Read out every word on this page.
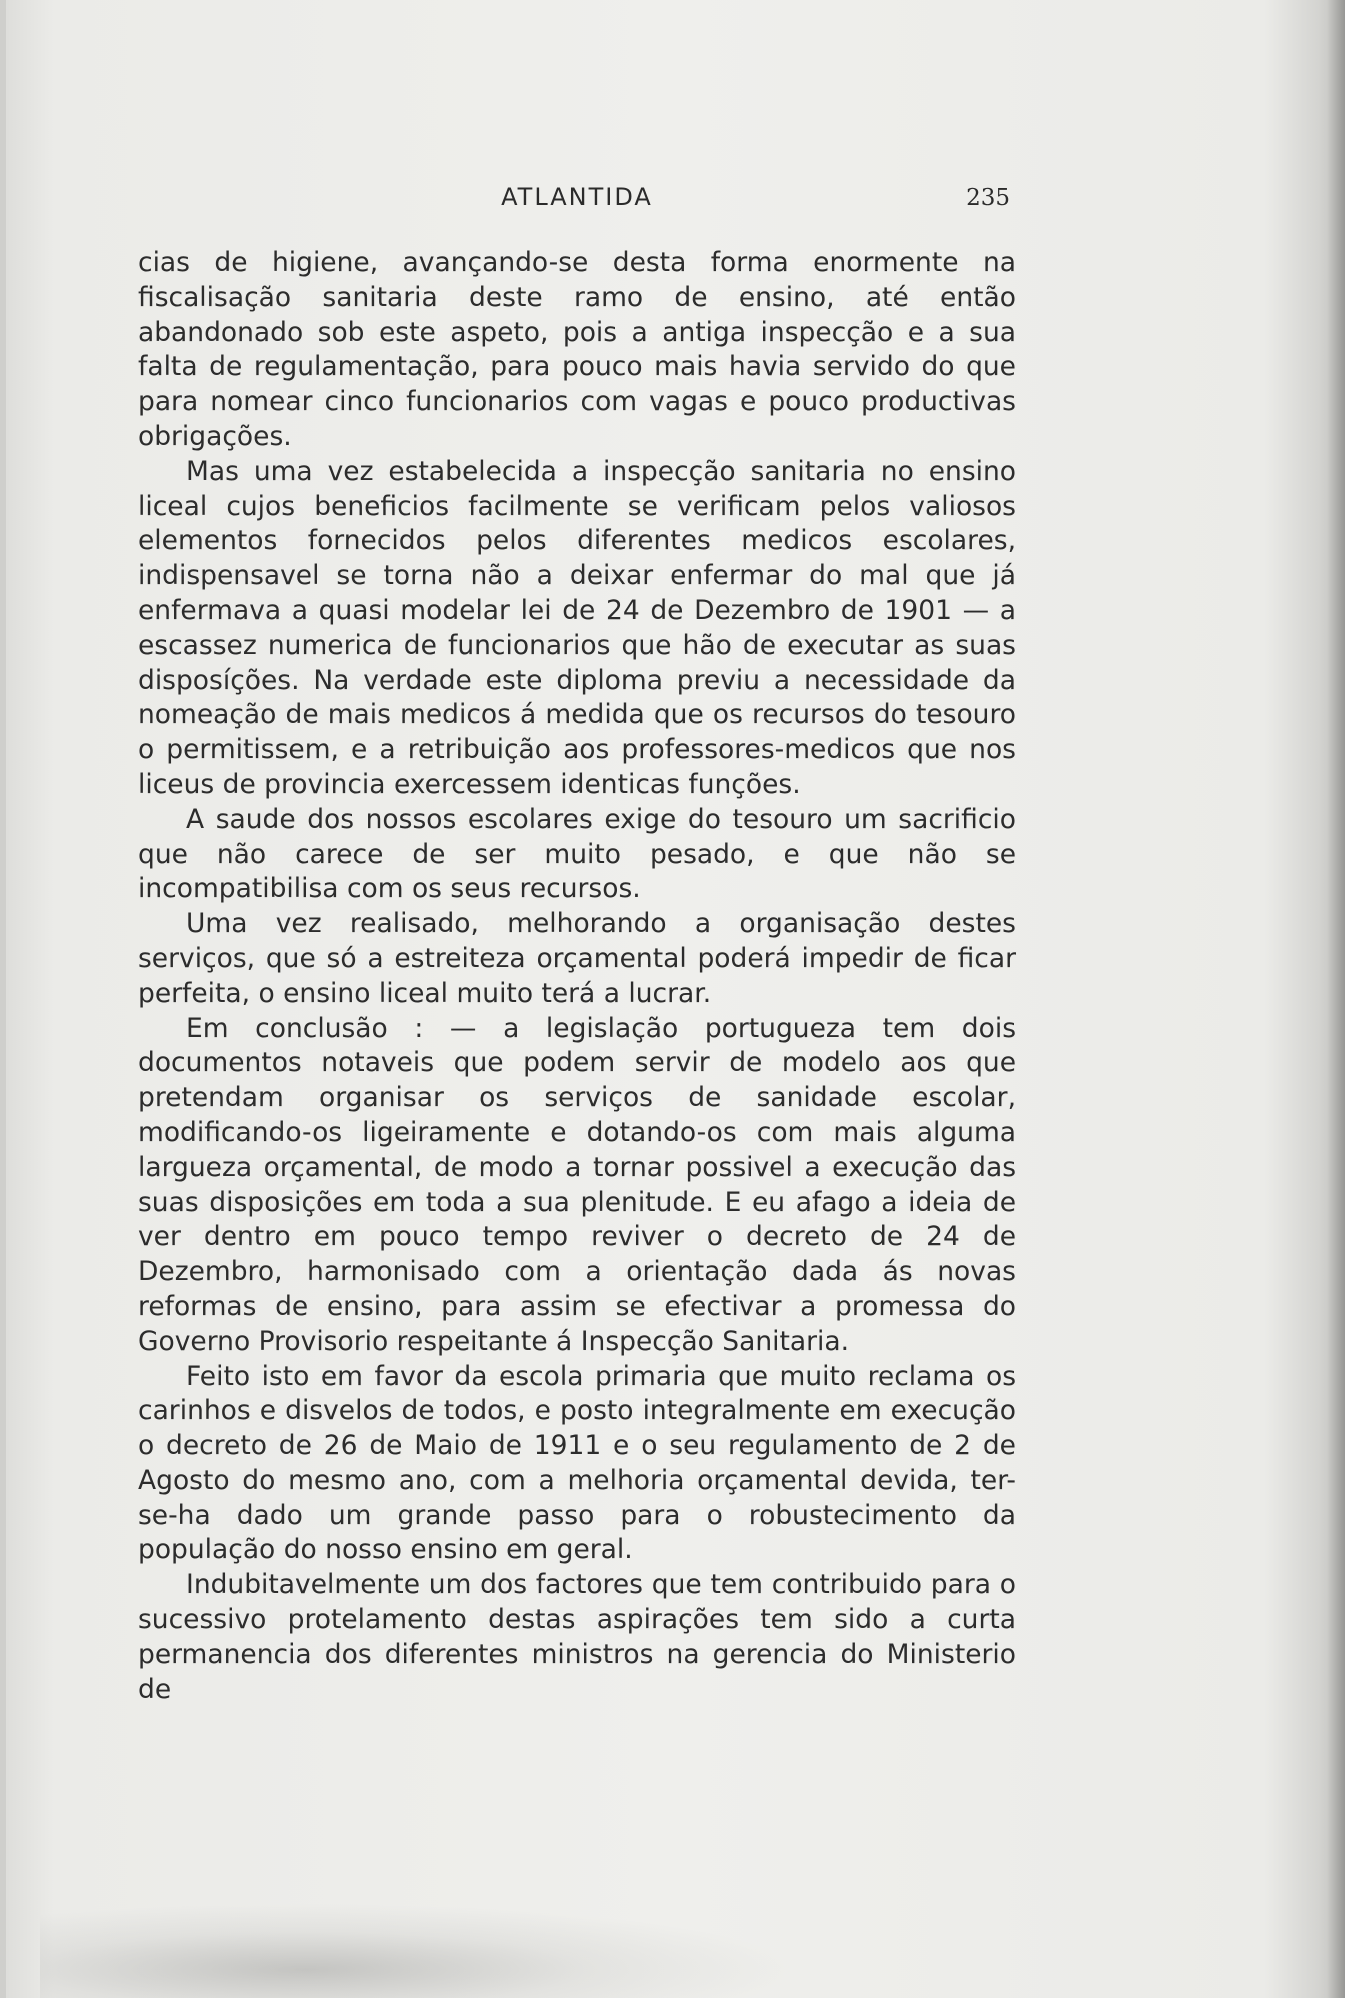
ATLANTIDA	235

cias de higiene, avançando-se desta forma enormente na fiscalisação sanitaria deste ramo de ensino, até então abandonado sob este aspeto, pois a antiga inspecção e a sua falta de regulamentação, para pouco mais havia servido do que para nomear cinco funcionarios com vagas e pouco productivas obrigações.

Mas uma vez estabelecida a inspecção sanitaria no ensino liceal cujos beneficios facilmente se verificam pelos valiosos elementos fornecidos pelos diferentes medicos escolares, indispensavel se torna não a deixar enfermar do mal que já enfermava a quasi modelar lei de 24 de Dezembro de 1901 — a escassez numerica de funcionarios que hão de executar as suas disposíções. Na verdade este diploma previu a necessidade da nomeação de mais medicos á medida que os recursos do tesouro o permitissem, e a retribuição aos professores-medicos que nos liceus de provincia exercessem identicas funções.

A saude dos nossos escolares exige do tesouro um sacrificio que não carece de ser muito pesado, e que não se incompatibilisa com os seus recursos.

Uma vez realisado, melhorando a organisação destes serviços, que só a estreiteza orçamental poderá impedir de ficar perfeita, o ensino liceal muito terá a lucrar.

Em conclusão : — a legislação portugueza tem dois documentos notaveis que podem servir de modelo aos que pretendam organisar os serviços de sanidade escolar, modificando-os ligeiramente e dotando-os com mais alguma largueza orçamental, de modo a tornar possivel a execução das suas disposições em toda a sua plenitude. E eu afago a ideia de ver dentro em pouco tempo reviver o decreto de 24 de Dezembro, harmonisado com a orientação dada ás novas reformas de ensino, para assim se efectivar a promessa do Governo Provisorio respeitante á Inspecção Sanitaria.

Feito isto em favor da escola primaria que muito reclama os carinhos e disvelos de todos, e posto integralmente em execução o decreto de 26 de Maio de 1911 e o seu regulamento de 2 de Agosto do mesmo ano, com a melhoria orçamental devida, ter-se-ha dado um grande passo para o robustecimento da população do nosso ensino em geral.

Indubitavelmente um dos factores que tem contribuido para o sucessivo protelamento destas aspirações tem sido a curta permanencia dos diferentes ministros na gerencia do Ministerio de
